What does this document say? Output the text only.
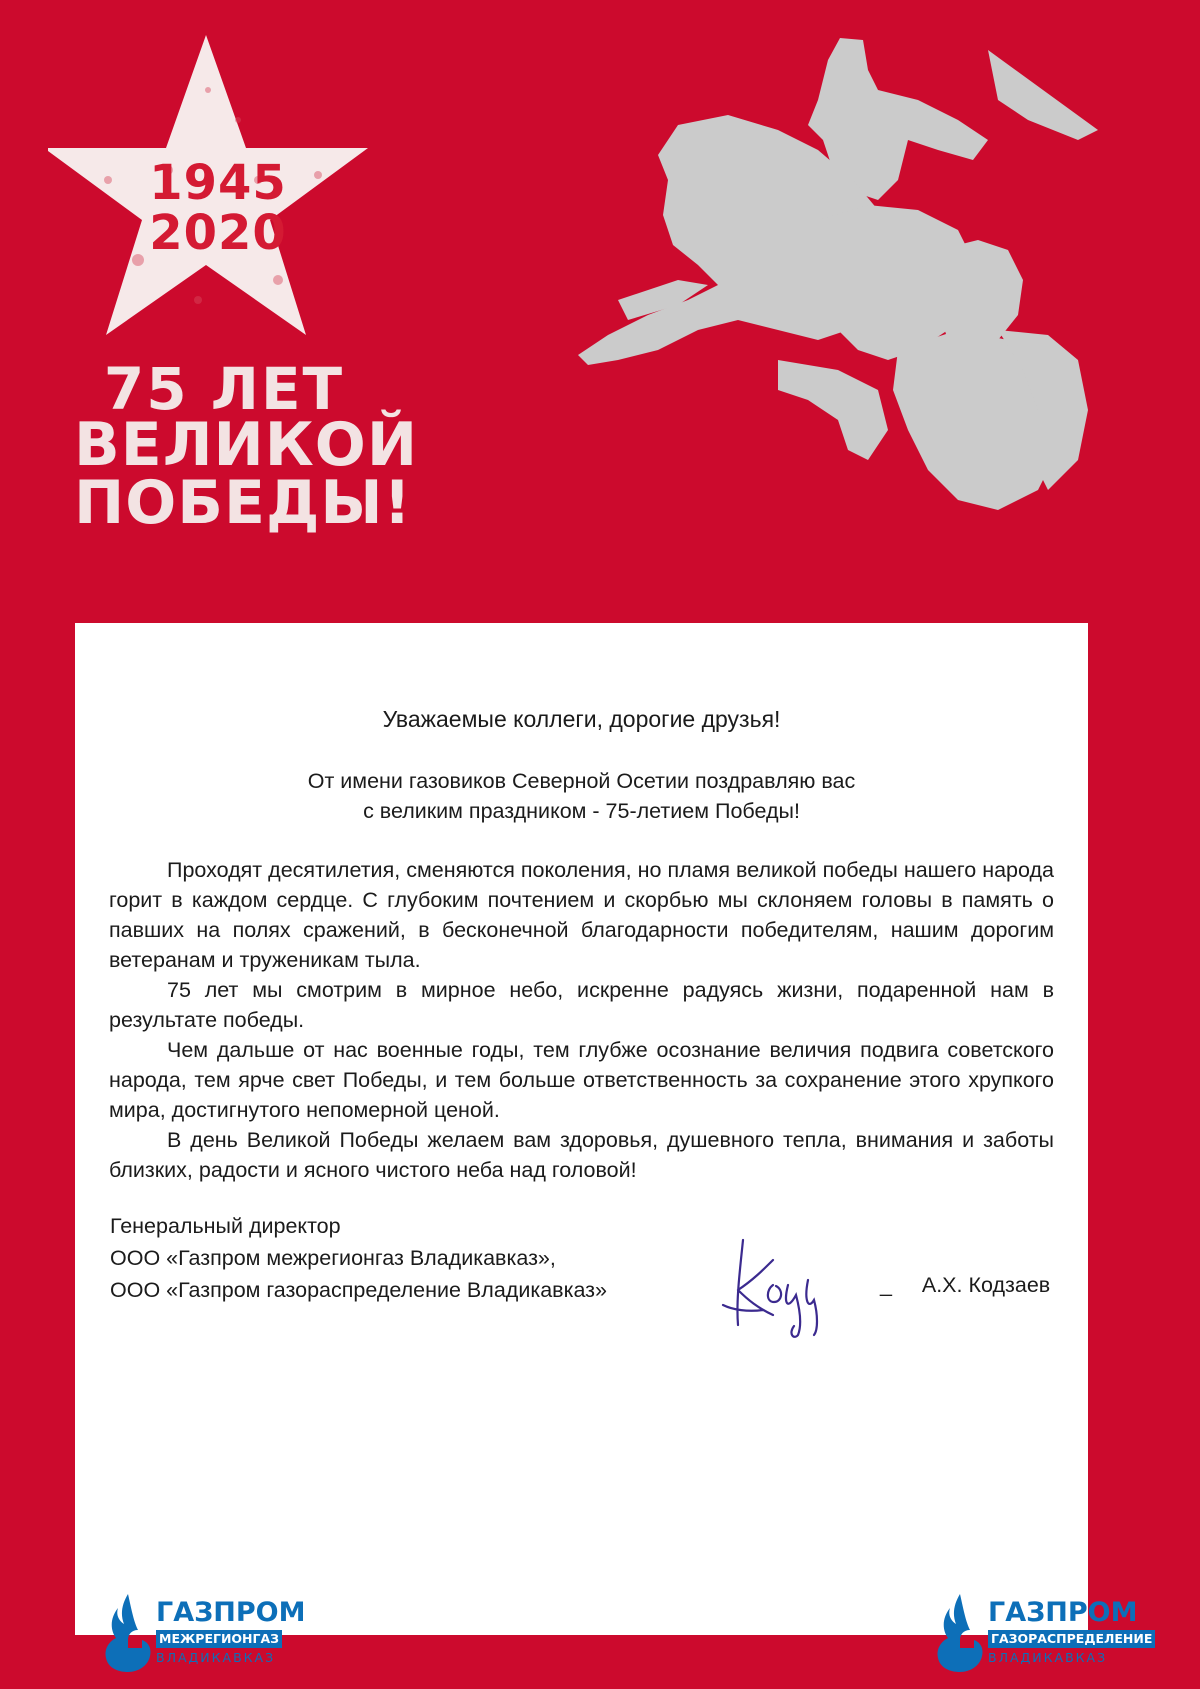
1945
2020
75 ЛЕТ
ВЕЛИКОЙ
ПОБЕДЫ!
Уважаемые коллеги, дорогие друзья!
От имени газовиков Северной Осетии поздравляю вас
с великим праздником - 75-летием Победы!

Проходят десятилетия, сменяются поколения, но пламя великой победы нашего народа горит в каждом сердце. С глубоким почтением и скорбью мы склоняем головы в память о павших на полях сражений, в бесконечной благодарности победителям, нашим дорогим ветеранам и труженикам тыла.

75 лет мы смотрим в мирное небо, искренне радуясь жизни, подаренной нам в результате победы.

Чем дальше от нас военные годы, тем глубже осознание величия подвига советского народа, тем ярче свет Победы, и тем больше ответственность за сохранение этого хрупкого мира, достигнутого непомерной ценой.

В день Великой Победы желаем вам здоровья, душевного тепла, внимания и заботы близких, радости и ясного чистого неба над головой!

Генеральный директор
ООО «Газпром межрегионгаз Владикавказ»,
ООО «Газпром газораспределение Владикавказ»	_ А.Х. Кодзаев
ГАЗПРОМ
МЕЖРЕГИОНГАЗ
ВЛАДИКАВКАЗ
ГАЗПРОМ
ГАЗОРАСПРЕДЕЛЕНИЕ
ВЛАДИКАВКАЗ
